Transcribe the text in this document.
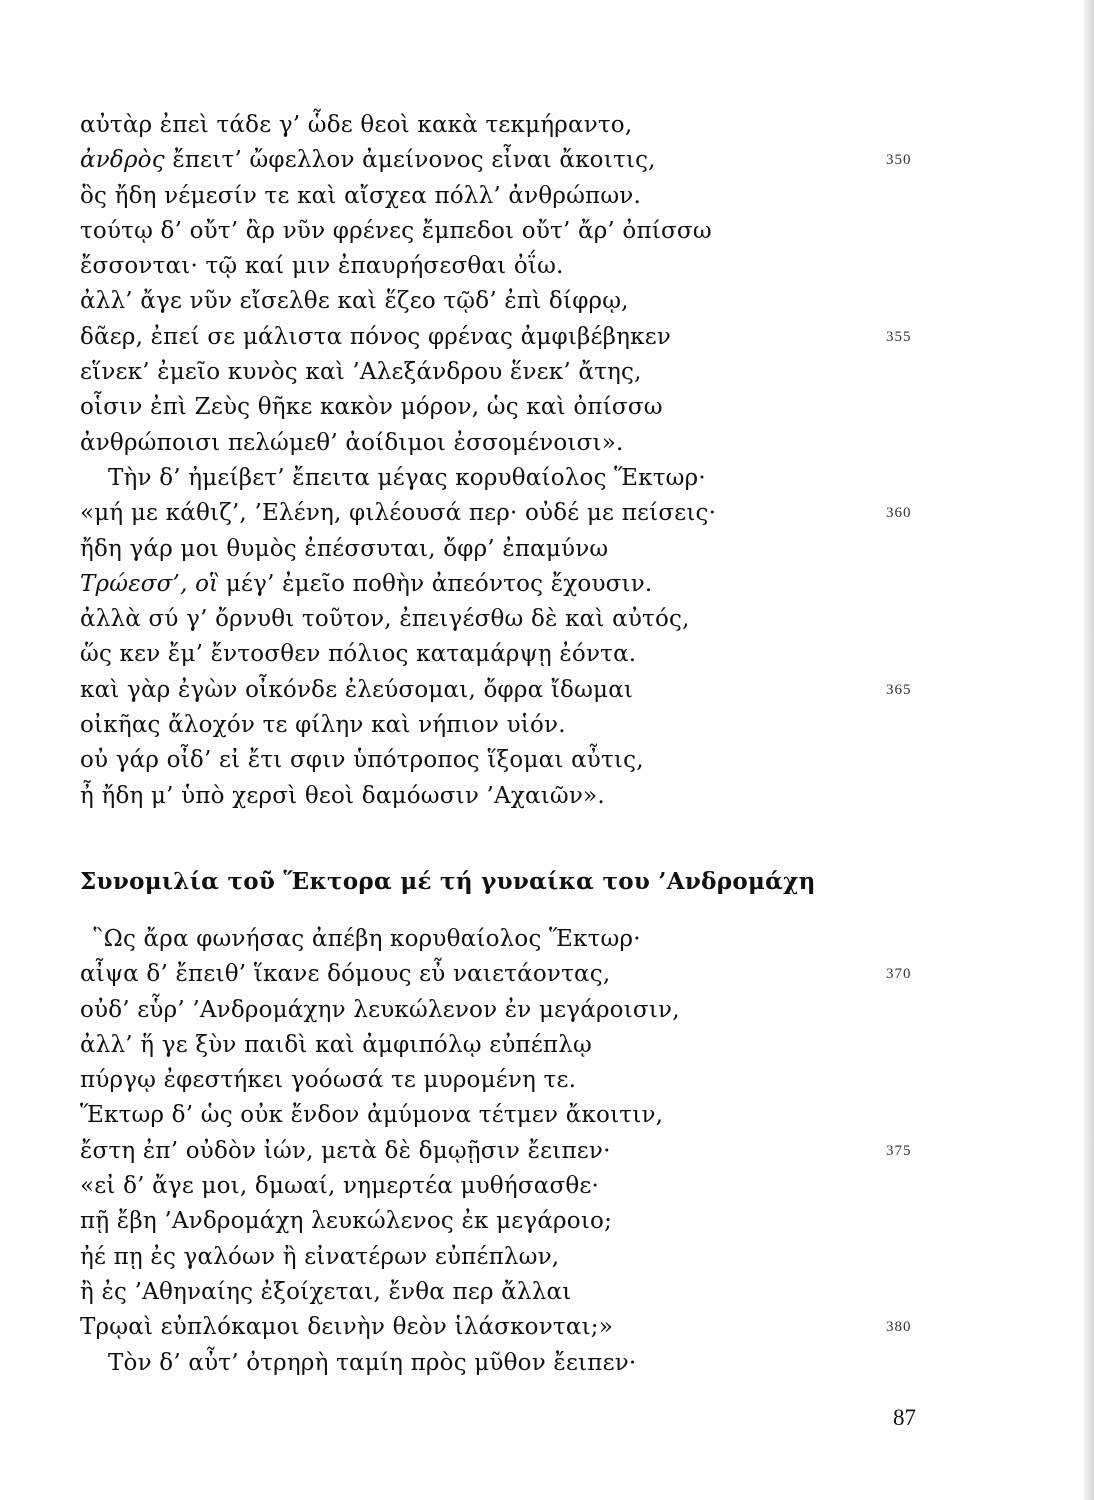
αὐτὰρ ἐπεὶ τάδε γ’ ὧδε θεοὶ κακὰ τεκμήραντο,
ἀνδρὸς ἔπειτ’ ὤφελλον ἀμείνονος εἶναι ἄκοιτις,	350
ὃς ἤδη νέμεσίν τε καὶ αἴσχεα πόλλ’ ἀνθρώπων.
τούτῳ δ’ οὔτ’ ἂρ νῦν φρένες ἔμπεδοι οὔτ’ ἄρ’ ὀπίσσω
ἔσσονται· τῷ καί μιν ἐπαυρήσεσθαι ὀΐω.
ἀλλ’ ἄγε νῦν εἴσελθε καὶ ἕζεο τῷδ’ ἐπὶ δίφρῳ,
δᾶερ, ἐπεί σε μάλιστα πόνος φρένας ἀμφιβέβηκεν	355
εἵνεκ’ ἐμεῖο κυνὸς καὶ ’Αλεξάνδρου ἕνεκ’ ἄτης,
οἷσιν ἐπὶ Ζεὺς θῆκε κακὸν μόρον, ὡς καὶ ὀπίσσω
ἀνθρώποισι πελώμεθ’ ἀοίδιμοι ἐσσομένοισι».
Τὴν δ’ ἠμείβετ’ ἔπειτα μέγας κορυθαίολος Ἕκτωρ·
«μή με κάθιζ’, ’Ελένη, φιλέουσά περ· οὐδέ με πείσεις·	360
ἤδη γάρ μοι θυμὸς ἐπέσσυται, ὄφρ’ ἐπαμύνω
Τρώεσσ’, οἳ μέγ’ ἐμεῖο ποθὴν ἀπεόντος ἔχουσιν.
ἀλλὰ σύ γ’ ὄρνυθι τοῦτον, ἐπειγέσθω δὲ καὶ αὐτός,
ὥς κεν ἔμ’ ἔντοσθεν πόλιος καταμάρψῃ ἐόντα.
καὶ γὰρ ἐγὼν οἶκόνδε ἐλεύσομαι, ὄφρα ἴδωμαι	365
οἰκῆας ἄλοχόν τε φίλην καὶ νήπιον υἱόν.
οὐ γάρ οἶδ’ εἰ ἔτι σφιν ὑπότροπος ἵξομαι αὖτις,
ἦ ἤδη μ’ ὑπὸ χερσὶ θεοὶ δαμόωσιν ’Αχαιῶν».
Συνομιλία τοῦ Ἕκτορα μέ τή γυναίκα του ’Ανδρομάχη
῝Ως ἄρα φωνήσας ἀπέβη κορυθαίολος Ἕκτωρ·
αἶψα δ’ ἔπειθ’ ἵκανε δόμους εὖ ναιετάοντας,	370
οὐδ’ εὗρ’ ’Ανδρομάχην λευκώλενον ἐν μεγάροισιν,
ἀλλ’ ἥ γε ξὺν παιδὶ καὶ ἀμφιπόλῳ εὐπέπλῳ
πύργῳ ἐφεστήκει γοόωσά τε μυρομένη τε.
Ἕκτωρ δ’ ὡς οὐκ ἔνδον ἀμύμονα τέτμεν ἄκοιτιν,
ἔστη ἐπ’ οὐδὸν ἰών, μετὰ δὲ δμῳῇσιν ἔειπεν·	375
«εἰ δ’ ἄγε μοι, δμωαί, νημερτέα μυθήσασθε·
πῇ ἔβη ’Ανδρομάχη λευκώλενος ἐκ μεγάροιο;
ἠέ πῃ ἐς γαλόων ἢ εἰνατέρων εὐπέπλων,
ἢ ἐς ’Αθηναίης ἐξοίχεται, ἔνθα περ ἄλλαι
Τρῳαὶ εὐπλόκαμοι δεινὴν θεὸν ἱλάσκονται;»	380
Τὸν δ’ αὖτ’ ὀτρηρὴ ταμίη πρὸς μῦθον ἔειπεν·
87
